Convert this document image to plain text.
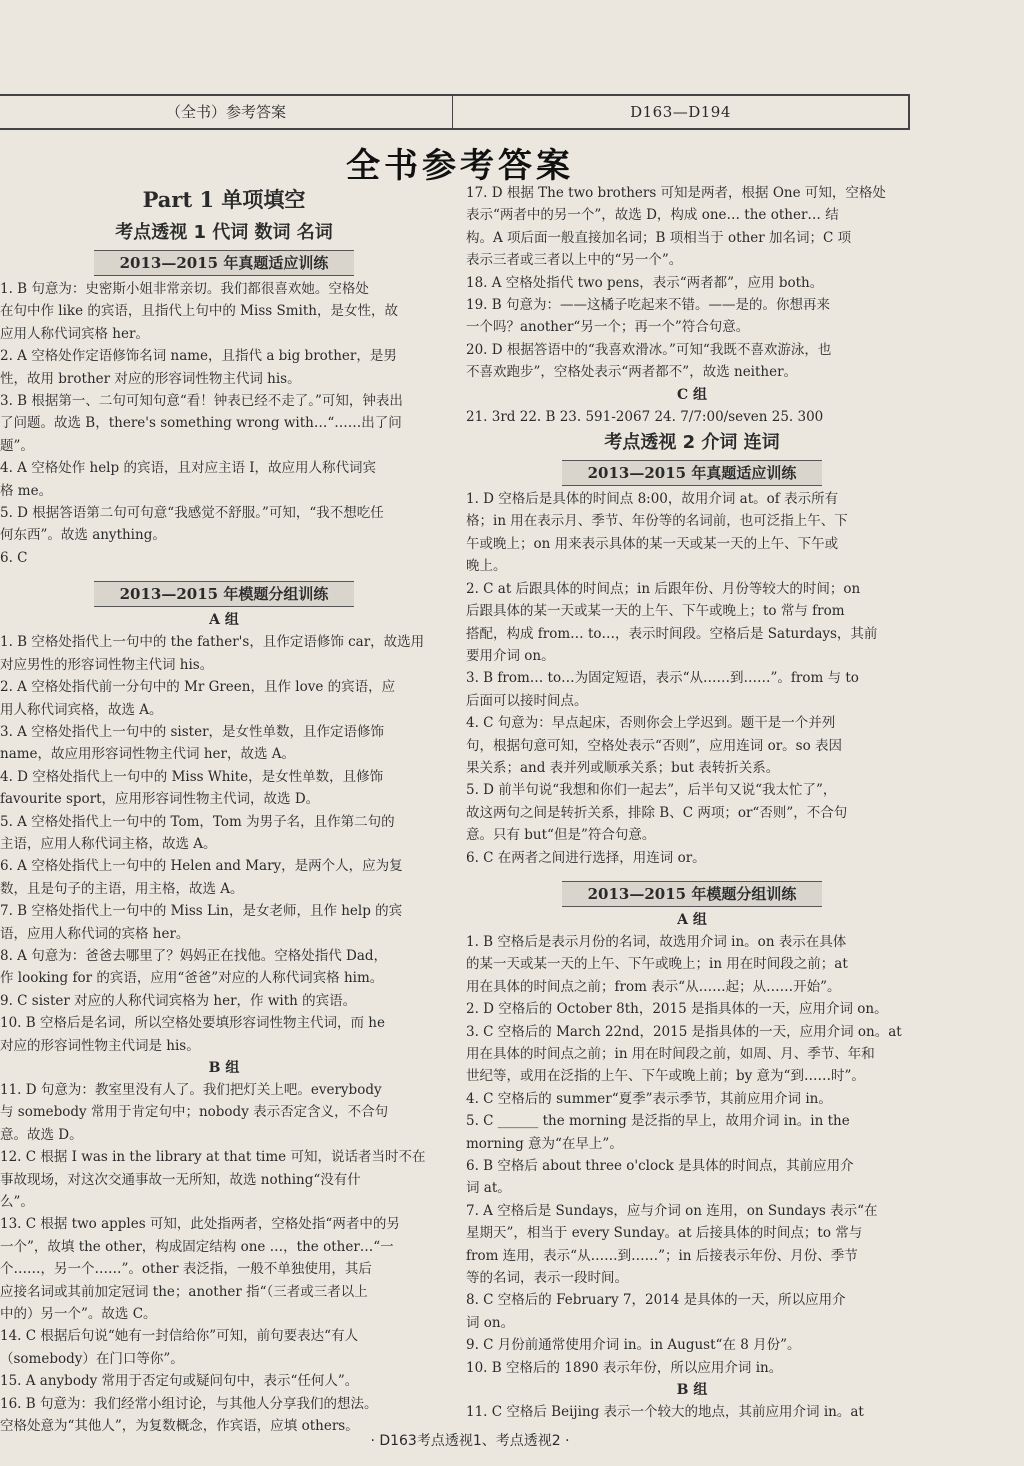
（全书）参考答案	D163—D194
全书参考答案
Part 1 单项填空
考点透视 1 代词 数词 名词
2013—2015 年真题适应训练

1. B 句意为：史密斯小姐非常亲切。我们都很喜欢她。空格处

在句中作 like 的宾语，且指代上句中的 Miss Smith，是女性，故

应用人称代词宾格 her。

2. A 空格处作定语修饰名词 name，且指代 a big brother，是男

性，故用 brother 对应的形容词性物主代词 his。

3. B 根据第一、二句可知句意“看！钟表已经不走了。”可知，钟表出

了问题。故选 B，there's something wrong with…“……出了问

题”。

4. A 空格处作 help 的宾语，且对应主语 I，故应用人称代词宾

格 me。

5. D 根据答语第二句可句意“我感觉不舒服。”可知，“我不想吃任

何东西”。故选 anything。

6. C

2013—2015 年模题分组训练
A 组

1. B 空格处指代上一句中的 the father's，且作定语修饰 car，故选用

对应男性的形容词性物主代词 his。

2. A 空格处指代前一分句中的 Mr Green，且作 love 的宾语，应

用人称代词宾格，故选 A。

3. A 空格处指代上一句中的 sister，是女性单数，且作定语修饰

name，故应用形容词性物主代词 her，故选 A。

4. D 空格处指代上一句中的 Miss White，是女性单数，且修饰

favourite sport，应用形容词性物主代词，故选 D。

5. A 空格处指代上一句中的 Tom，Tom 为男子名，且作第二句的

主语，应用人称代词主格，故选 A。

6. A 空格处指代上一句中的 Helen and Mary，是两个人，应为复

数，且是句子的主语，用主格，故选 A。

7. B 空格处指代上一句中的 Miss Lin，是女老师，且作 help 的宾

语，应用人称代词的宾格 her。

8. A 句意为：爸爸去哪里了？妈妈正在找他。空格处指代 Dad，

作 looking for 的宾语，应用“爸爸”对应的人称代词宾格 him。

9. C sister 对应的人称代词宾格为 her，作 with 的宾语。

10. B 空格后是名词，所以空格处要填形容词性物主代词，而 he

对应的形容词性物主代词是 his。

B 组

11. D 句意为：教室里没有人了。我们把灯关上吧。everybody

与 somebody 常用于肯定句中；nobody 表示否定含义，不合句

意。故选 D。

12. C 根据 I was in the library at that time 可知，说话者当时不在

事故现场，对这次交通事故一无所知，故选 nothing“没有什

么”。

13. C 根据 two apples 可知，此处指两者，空格处指“两者中的另

一个”，故填 the other，构成固定结构 one …，the other…“一

个……，另一个……”。other 表泛指，一般不单独使用，其后

应接名词或其前加定冠词 the；another 指“（三者或三者以上

中的）另一个”。故选 C。

14. C 根据后句说“她有一封信给你”可知，前句要表达“有人

（somebody）在门口等你”。

15. A anybody 常用于否定句或疑问句中，表示“任何人”。

16. B 句意为：我们经常小组讨论，与其他人分享我们的想法。

空格处意为“其他人”，为复数概念，作宾语，应填 others。

17. D 根据 The two brothers 可知是两者，根据 One 可知，空格处

表示“两者中的另一个”，故选 D，构成 one… the other… 结

构。A 项后面一般直接加名词；B 项相当于 other 加名词；C 项

表示三者或三者以上中的“另一个”。

18. A 空格处指代 two pens，表示“两者都”，应用 both。

19. B 句意为：——这橘子吃起来不错。——是的。你想再来

一个吗？another“另一个；再一个”符合句意。

20. D 根据答语中的“我喜欢滑冰。”可知“我既不喜欢游泳，也

不喜欢跑步”，空格处表示“两者都不”，故选 neither。

C 组
21. 3rd 22. B 23. 591-2067 24. 7/7:00/seven 25. 300
考点透视 2 介词 连词
2013—2015 年真题适应训练

1. D 空格后是具体的时间点 8:00，故用介词 at。of 表示所有

格；in 用在表示月、季节、年份等的名词前，也可泛指上午、下

午或晚上；on 用来表示具体的某一天或某一天的上午、下午或

晚上。

2. C at 后跟具体的时间点；in 后跟年份、月份等较大的时间；on

后跟具体的某一天或某一天的上午、下午或晚上；to 常与 from

搭配，构成 from… to…，表示时间段。空格后是 Saturdays，其前

要用介词 on。

3. B from… to…为固定短语，表示“从……到……”。from 与 to

后面可以接时间点。

4. C 句意为：早点起床，否则你会上学迟到。题干是一个并列

句，根据句意可知，空格处表示“否则”，应用连词 or。so 表因

果关系；and 表并列或顺承关系；but 表转折关系。

5. D 前半句说“我想和你们一起去”，后半句又说“我太忙了”，

故这两句之间是转折关系，排除 B、C 两项；or“否则”，不合句

意。只有 but“但是”符合句意。

6. C 在两者之间进行选择，用连词 or。

2013—2015 年模题分组训练
A 组

1. B 空格后是表示月份的名词，故选用介词 in。on 表示在具体

的某一天或某一天的上午、下午或晚上；in 用在时间段之前；at

用在具体的时间点之前；from 表示“从……起；从……开始”。

2. D 空格后的 October 8th，2015 是指具体的一天，应用介词 on。

3. C 空格后的 March 22nd，2015 是指具体的一天，应用介词 on。at

用在具体的时间点之前；in 用在时间段之前，如周、月、季节、年和

世纪等，或用在泛指的上午、下午或晚上前；by 意为“到……时”。

4. C 空格后的 summer“夏季”表示季节，其前应用介词 in。

5. C ______ the morning 是泛指的早上，故用介词 in。in the

morning 意为“在早上”。

6. B 空格后 about three o'clock 是具体的时间点，其前应用介

词 at。

7. A 空格后是 Sundays，应与介词 on 连用，on Sundays 表示“在

星期天”，相当于 every Sunday。at 后接具体的时间点；to 常与

from 连用，表示“从……到……”；in 后接表示年份、月份、季节

等的名词，表示一段时间。

8. C 空格后的 February 7，2014 是具体的一天，所以应用介

词 on。

9. C 月份前通常使用介词 in。in August“在 8 月份”。

10. B 空格后的 1890 表示年份，所以应用介词 in。

B 组

11. C 空格后 Beijing 表示一个较大的地点，其前应用介词 in。at

· D163考点透视1、考点透视2 ·
